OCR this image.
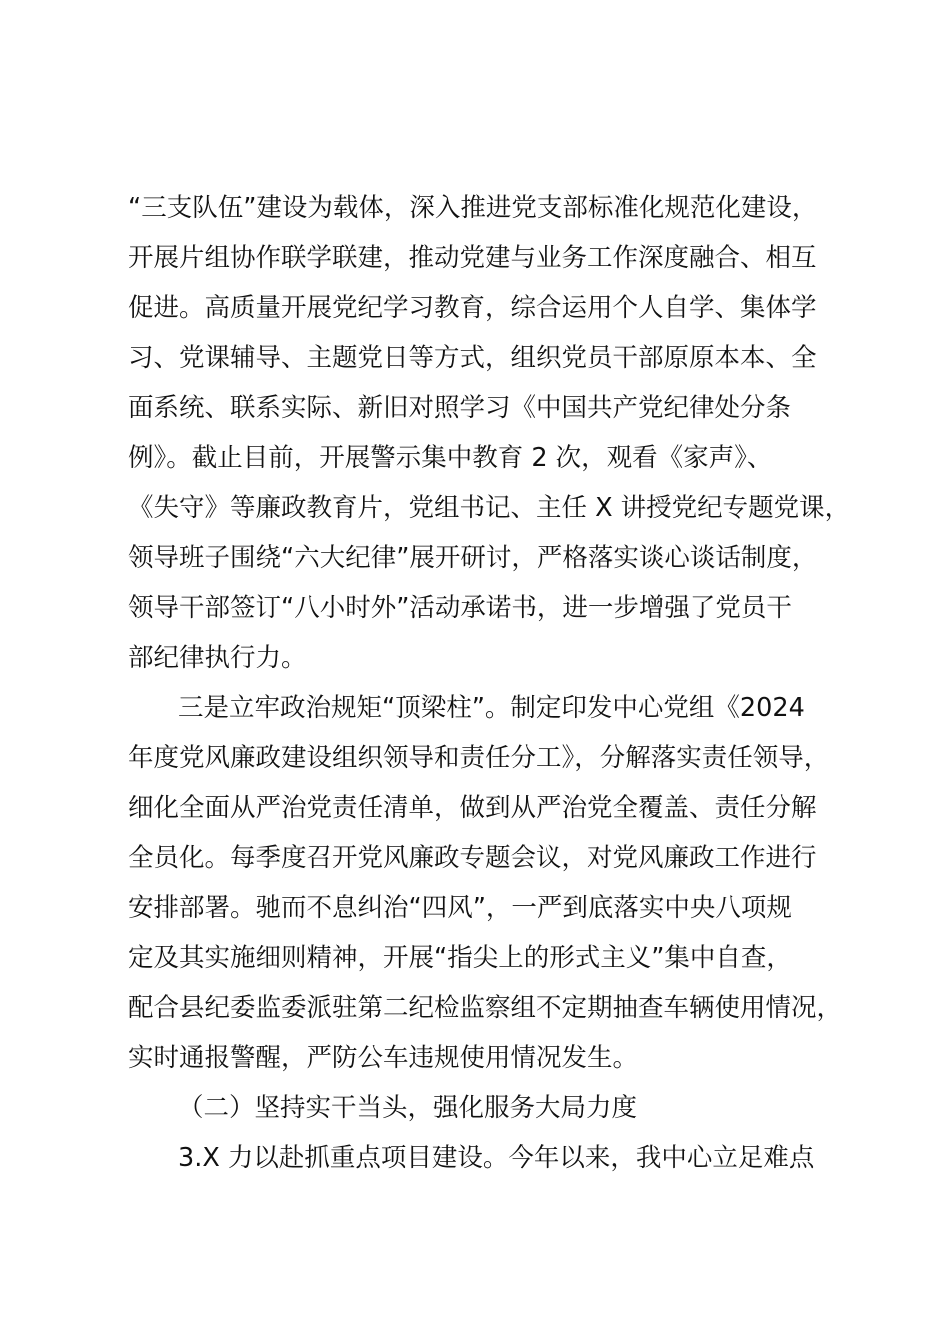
“三支队伍”建设为载体，深入推进党支部标准化规范化建设，
开展片组协作联学联建，推动党建与业务工作深度融合、相互
促进。高质量开展党纪学习教育，综合运用个人自学、集体学
习、党课辅导、主题党日等方式，组织党员干部原原本本、全
面系统、联系实际、新旧对照学习《中国共产党纪律处分条
例》。截止目前，开展警示集中教育 2 次，观看《家声》、
《失守》等廉政教育片，党组书记、主任 X 讲授党纪专题党课，
领导班子围绕“六大纪律”展开研讨，严格落实谈心谈话制度，
领导干部签订“八小时外”活动承诺书，进一步增强了党员干
部纪律执行力。
三是立牢政治规矩“顶梁柱”。制定印发中心党组《2024
年度党风廉政建设组织领导和责任分工》，分解落实责任领导，
细化全面从严治党责任清单，做到从严治党全覆盖、责任分解
全员化。每季度召开党风廉政专题会议，对党风廉政工作进行
安排部署。驰而不息纠治“四风”，一严到底落实中央八项规
定及其实施细则精神，开展“指尖上的形式主义”集中自查，
配合县纪委监委派驻第二纪检监察组不定期抽查车辆使用情况，
实时通报警醒，严防公车违规使用情况发生。
（二）坚持实干当头，强化服务大局力度
3.X 力以赴抓重点项目建设。今年以来，我中心立足难点
